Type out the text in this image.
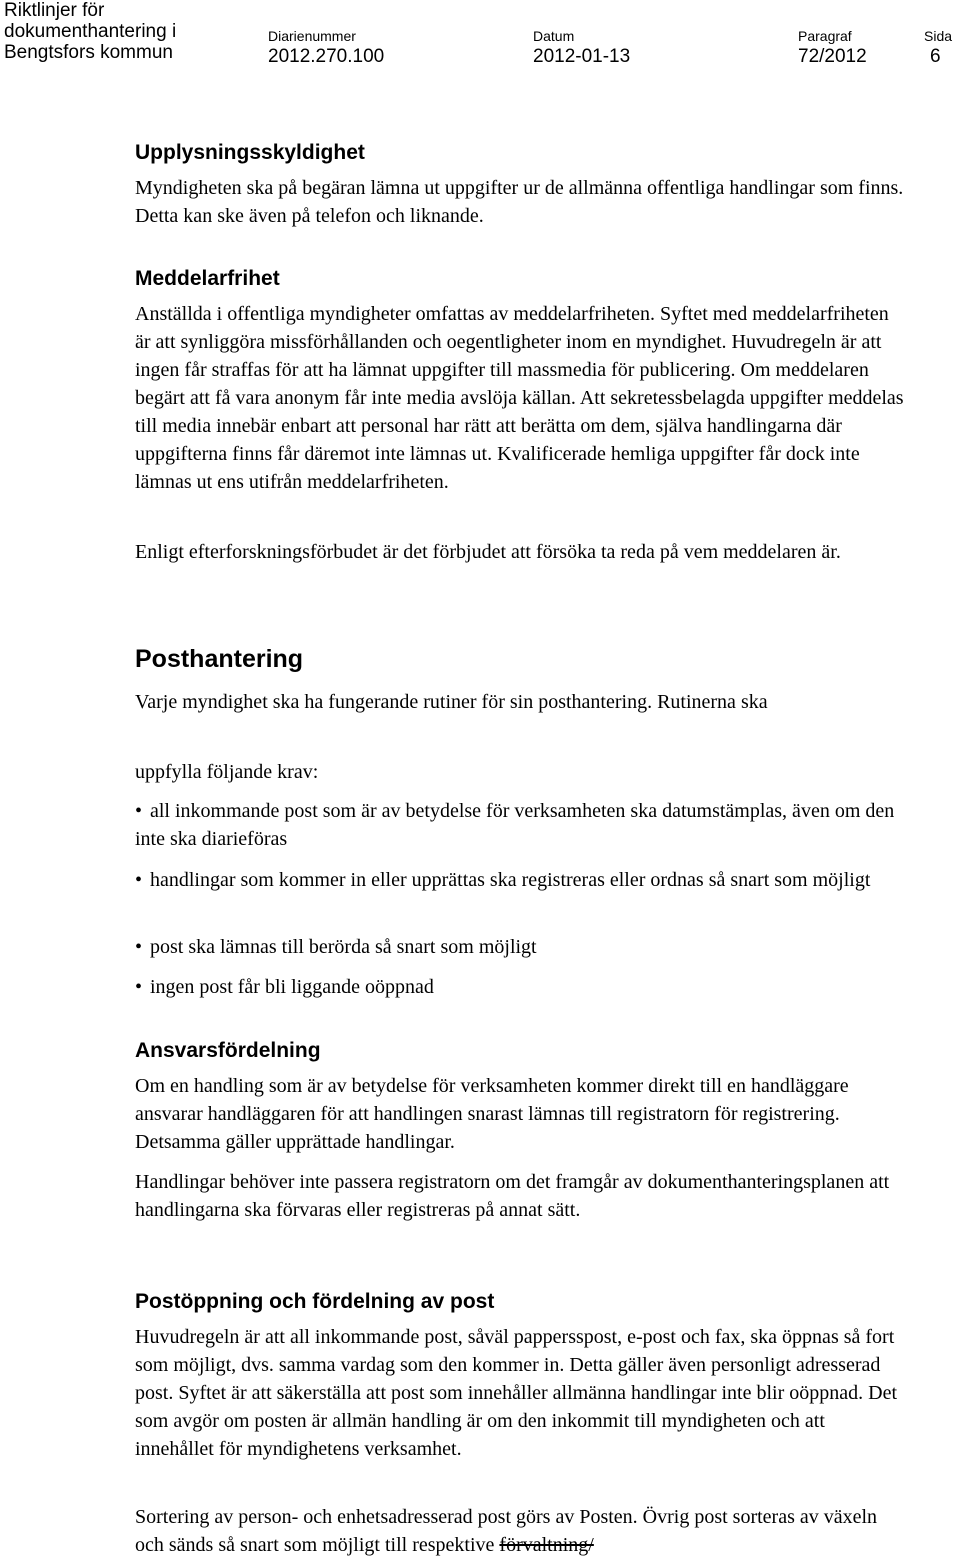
Riktlinjer för
dokumenthantering i
Bengtsfors kommun
Diarienummer
2012.270.100
Datum
2012-01-13
Paragraf
72/2012
Sida
6
Upplysningsskyldighet
Myndigheten ska på begäran lämna ut uppgifter ur de allmänna offentliga handlingar som finns. Detta kan ske även på telefon och liknande.
Meddelarfrihet
Anställda i offentliga myndigheter omfattas av meddelarfriheten. Syftet med meddelarfriheten är att synliggöra missförhållanden och oegentligheter inom en myndighet. Huvudregeln är att ingen får straffas för att ha lämnat uppgifter till massmedia för publicering. Om meddelaren begärt att få vara anonym får inte media avslöja källan. Att sekretessbelagda uppgifter meddelas till media innebär enbart att personal har rätt att berätta om dem, själva handlingarna där uppgifterna finns får däremot inte lämnas ut. Kvalificerade hemliga uppgifter får dock inte lämnas ut ens utifrån meddelarfriheten.
Enligt efterforskningsförbudet är det förbjudet att försöka ta reda på vem meddelaren är.
Posthantering
Varje myndighet ska ha fungerande rutiner för sin posthantering. Rutinerna ska
uppfylla följande krav:
• all inkommande post som är av betydelse för verksamheten ska datumstämplas, även om den inte ska diarieföras
• handlingar som kommer in eller upprättas ska registreras eller ordnas så snart som möjligt
• post ska lämnas till berörda så snart som möjligt
• ingen post får bli liggande oöppnad
Ansvarsfördelning
Om en handling som är av betydelse för verksamheten kommer direkt till en handläggare ansvarar handläggaren för att handlingen snarast lämnas till registratorn för registrering. Detsamma gäller upprättade handlingar.
Handlingar behöver inte passera registratorn om det framgår av dokumenthanteringsplanen att handlingarna ska förvaras eller registreras på annat sätt.
Postöppning och fördelning av post
Huvudregeln är att all inkommande post, såväl pappersspost, e-post och fax, ska öppnas så fort som möjligt, dvs. samma vardag som den kommer in. Detta gäller även personligt adresserad post. Syftet är att säkerställa att post som innehåller allmänna handlingar inte blir oöppnad. Det som avgör om posten är allmän handling är om den inkommit till myndigheten och att innehållet för myndighetens verksamhet.
Sortering av person- och enhetsadresserad post görs av Posten. Övrig post sorteras av växeln och sänds så snart som möjligt till respektive förvaltning/
